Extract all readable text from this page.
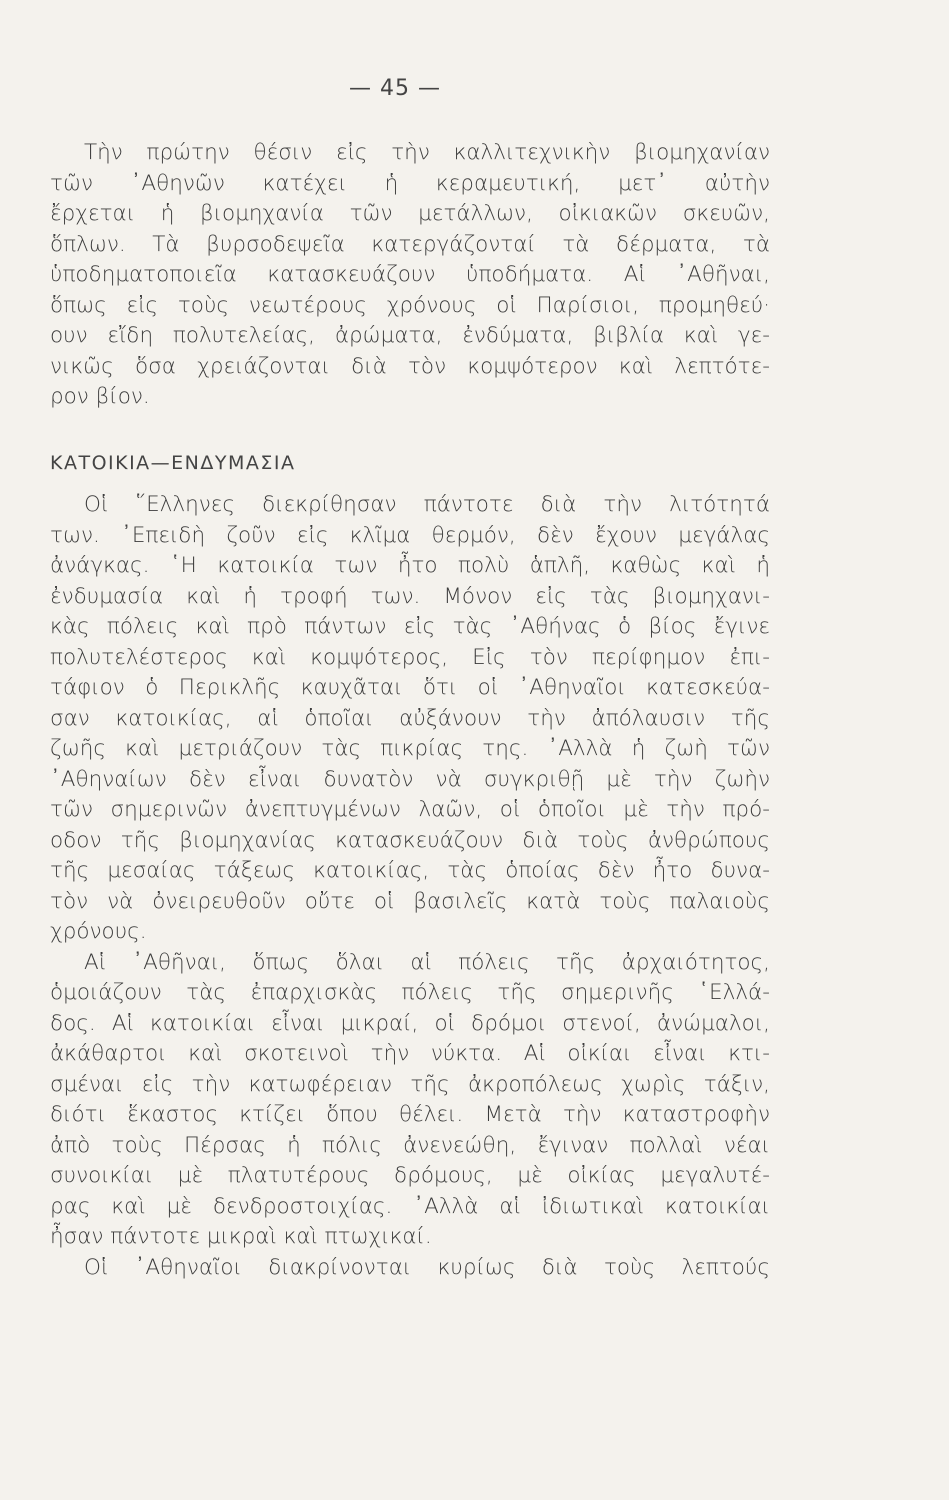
— 45 —
Τὴν πρώτην θέσιν εἰς τὴν καλλιτεχνικὴν βιομηχανίαν
τῶν ᾿Αθηνῶν κατέχει ἡ κεραμευτική, μετ᾽ αὐτὴν
ἔρχεται ἡ βιομηχανία τῶν μετάλλων, οἰκιακῶν σκευῶν,
ὅπλων. Τὰ βυρσοδεψεῖα κατεργάζονταί τὰ δέρματα, τὰ
ὑποδηματοποιεῖα κατασκευάζουν ὑποδήματα. Αἱ ᾿Αθῆναι,
ὅπως εἰς τοὺς νεωτέρους χρόνους οἱ Παρίσιοι, προμηθεύ·
ουν εἴδη πολυτελείας, ἀρώματα, ἐνδύματα, βιβλία καὶ γε-
νικῶς ὅσα χρειάζονται διὰ τὸν κομψότερον καὶ λεπτότε-
ρον βίον.
ΚΑΤΟΙΚΙΑ—ΕΝΔΥΜΑΣΙΑ
Οἱ ῞Ελληνες διεκρίθησαν πάντοτε διὰ τὴν λιτότητά
των. ᾿Επειδὴ ζοῦν εἰς κλῖμα θερμόν, δὲν ἔχουν μεγάλας
ἀνάγκας. ῾Η κατοικία των ἦτο πολὺ ἁπλῆ, καθὼς καὶ ἡ
ἐνδυμασία καὶ ἡ τροφή των. Μόνον εἰς τὰς βιομηχανι-
κὰς πόλεις καὶ πρὸ πάντων εἰς τὰς ᾿Αθήνας ὁ βίος ἔγινε
πολυτελέστερος καὶ κομψότερος, Εἰς τὸν περίφημον ἐπι-
τάφιον ὁ Περικλῆς καυχᾶται ὅτι οἱ ᾿Αθηναῖοι κατεσκεύα-
σαν κατοικίας, αἱ ὁποῖαι αὐξάνουν τὴν ἀπόλαυσιν τῆς
ζωῆς καὶ μετριάζουν τὰς πικρίας της. ᾿Αλλὰ ἡ ζωὴ τῶν
᾿Αθηναίων δὲν εἶναι δυνατὸν νὰ συγκριθῇ μὲ τὴν ζωὴν
τῶν σημερινῶν ἀνεπτυγμένων λαῶν, οἱ ὁποῖοι μὲ τὴν πρό-
οδον τῆς βιομηχανίας κατασκευάζουν διὰ τοὺς ἀνθρώπους
τῆς μεσαίας τάξεως κατοικίας, τὰς ὁποίας δὲν ἦτο δυνα-
τὸν νὰ ὀνειρευθοῦν οὔτε οἱ βασιλεῖς κατὰ τοὺς παλαιοὺς
χρόνους.
Αἱ ᾿Αθῆναι, ὅπως ὅλαι αἱ πόλεις τῆς ἀρχαιότητος,
ὁμοιάζουν τὰς ἐπαρχισκὰς πόλεις τῆς σημερινῆς ῾Ελλά-
δος. Αἱ κατοικίαι εἶναι μικραί, οἱ δρόμοι στενοί, ἀνώμαλοι,
ἀκάθαρτοι καὶ σκοτεινοὶ τὴν νύκτα. Αἱ οἰκίαι εἶναι κτι-
σμέναι εἰς τὴν κατωφέρειαν τῆς ἀκροπόλεως χωρὶς τάξιν,
διότι ἕκαστος κτίζει ὅπου θέλει. Μετὰ τὴν καταστροφὴν
ἀπὸ τοὺς Πέρσας ἡ πόλις ἀνενεώθη, ἔγιναν πολλαὶ νέαι
συνοικίαι μὲ πλατυτέρους δρόμους, μὲ οἰκίας μεγαλυτέ-
ρας καὶ μὲ δενδροστοιχίας. ᾿Αλλὰ αἱ ἰδιωτικαὶ κατοικίαι
ἦσαν πάντοτε μικραὶ καὶ πτωχικαί.
Οἱ ᾿Αθηναῖοι διακρίνονται κυρίως διὰ τοὺς λεπτούς
